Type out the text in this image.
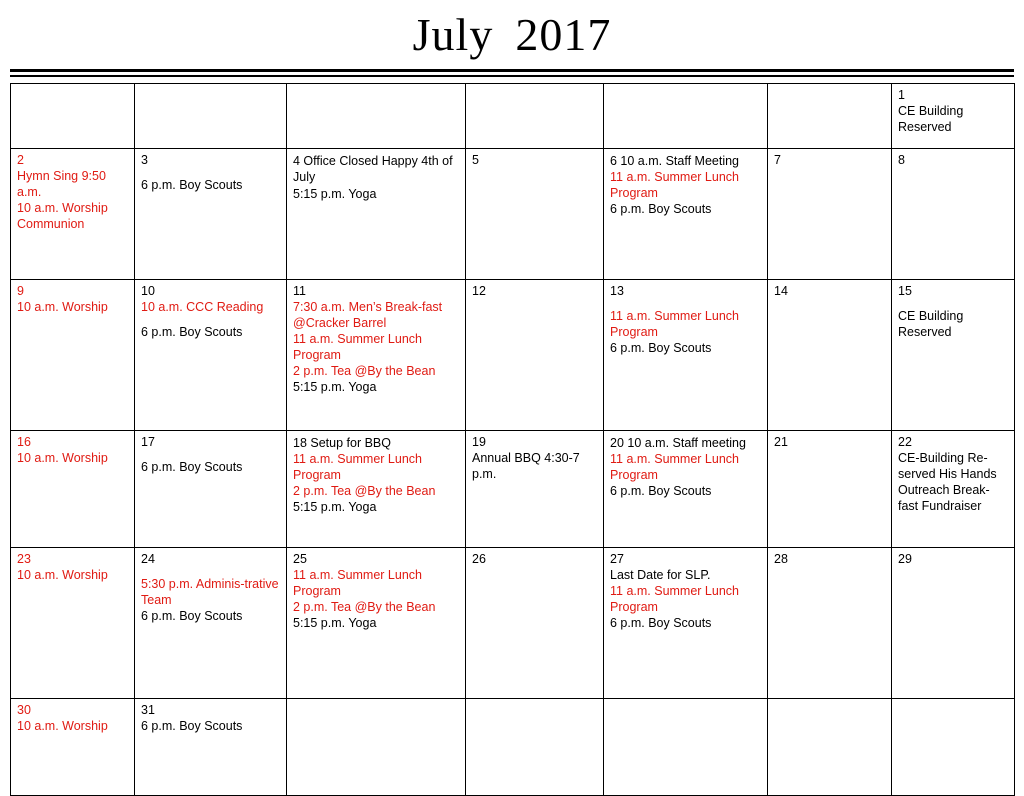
July 2017
						1

CE Building Reserved

2

Hymn Sing 9:50 a.m.
10 a.m. Worship Communion	3

6 p.m. Boy Scouts	4 Office Closed Happy 4th of July

5:15 p.m. Yoga	5	6 10 a.m. Staff Meeting

11 a.m. Summer Lunch Program
6 p.m. Boy Scouts	7	8

9

10 a.m. Worship	10

10 a.m. CCC Reading
6 p.m. Boy Scouts	11

7:30 a.m. Men’s Break-fast @Cracker Barrel
11 a.m. Summer Lunch Program
2 p.m. Tea @By the Bean
5:15 p.m. Yoga	12	13

11 a.m. Summer Lunch Program
6 p.m. Boy Scouts	14	15

CE Building Reserved

16

10 a.m. Worship	17

6 p.m. Boy Scouts	18 Setup for BBQ

11 a.m. Summer Lunch Program
2 p.m. Tea @By the Bean
5:15 p.m. Yoga	19

Annual BBQ 4:30-7 p.m.	20 10 a.m. Staff meeting

11 a.m. Summer Lunch Program
6 p.m. Boy Scouts	21	22

CE-Building Re-served His Hands Outreach Break-fast Fundraiser

23

10 a.m. Worship	24

5:30 p.m. Adminis-trative Team
6 p.m. Boy Scouts	25

11 a.m. Summer Lunch Program
2 p.m. Tea @By the Bean
5:15 p.m. Yoga	26	27

Last Date for SLP.
11 a.m. Summer Lunch Program
6 p.m. Boy Scouts	28	29

30

10 a.m. Worship	31

6 p.m. Boy Scouts					
